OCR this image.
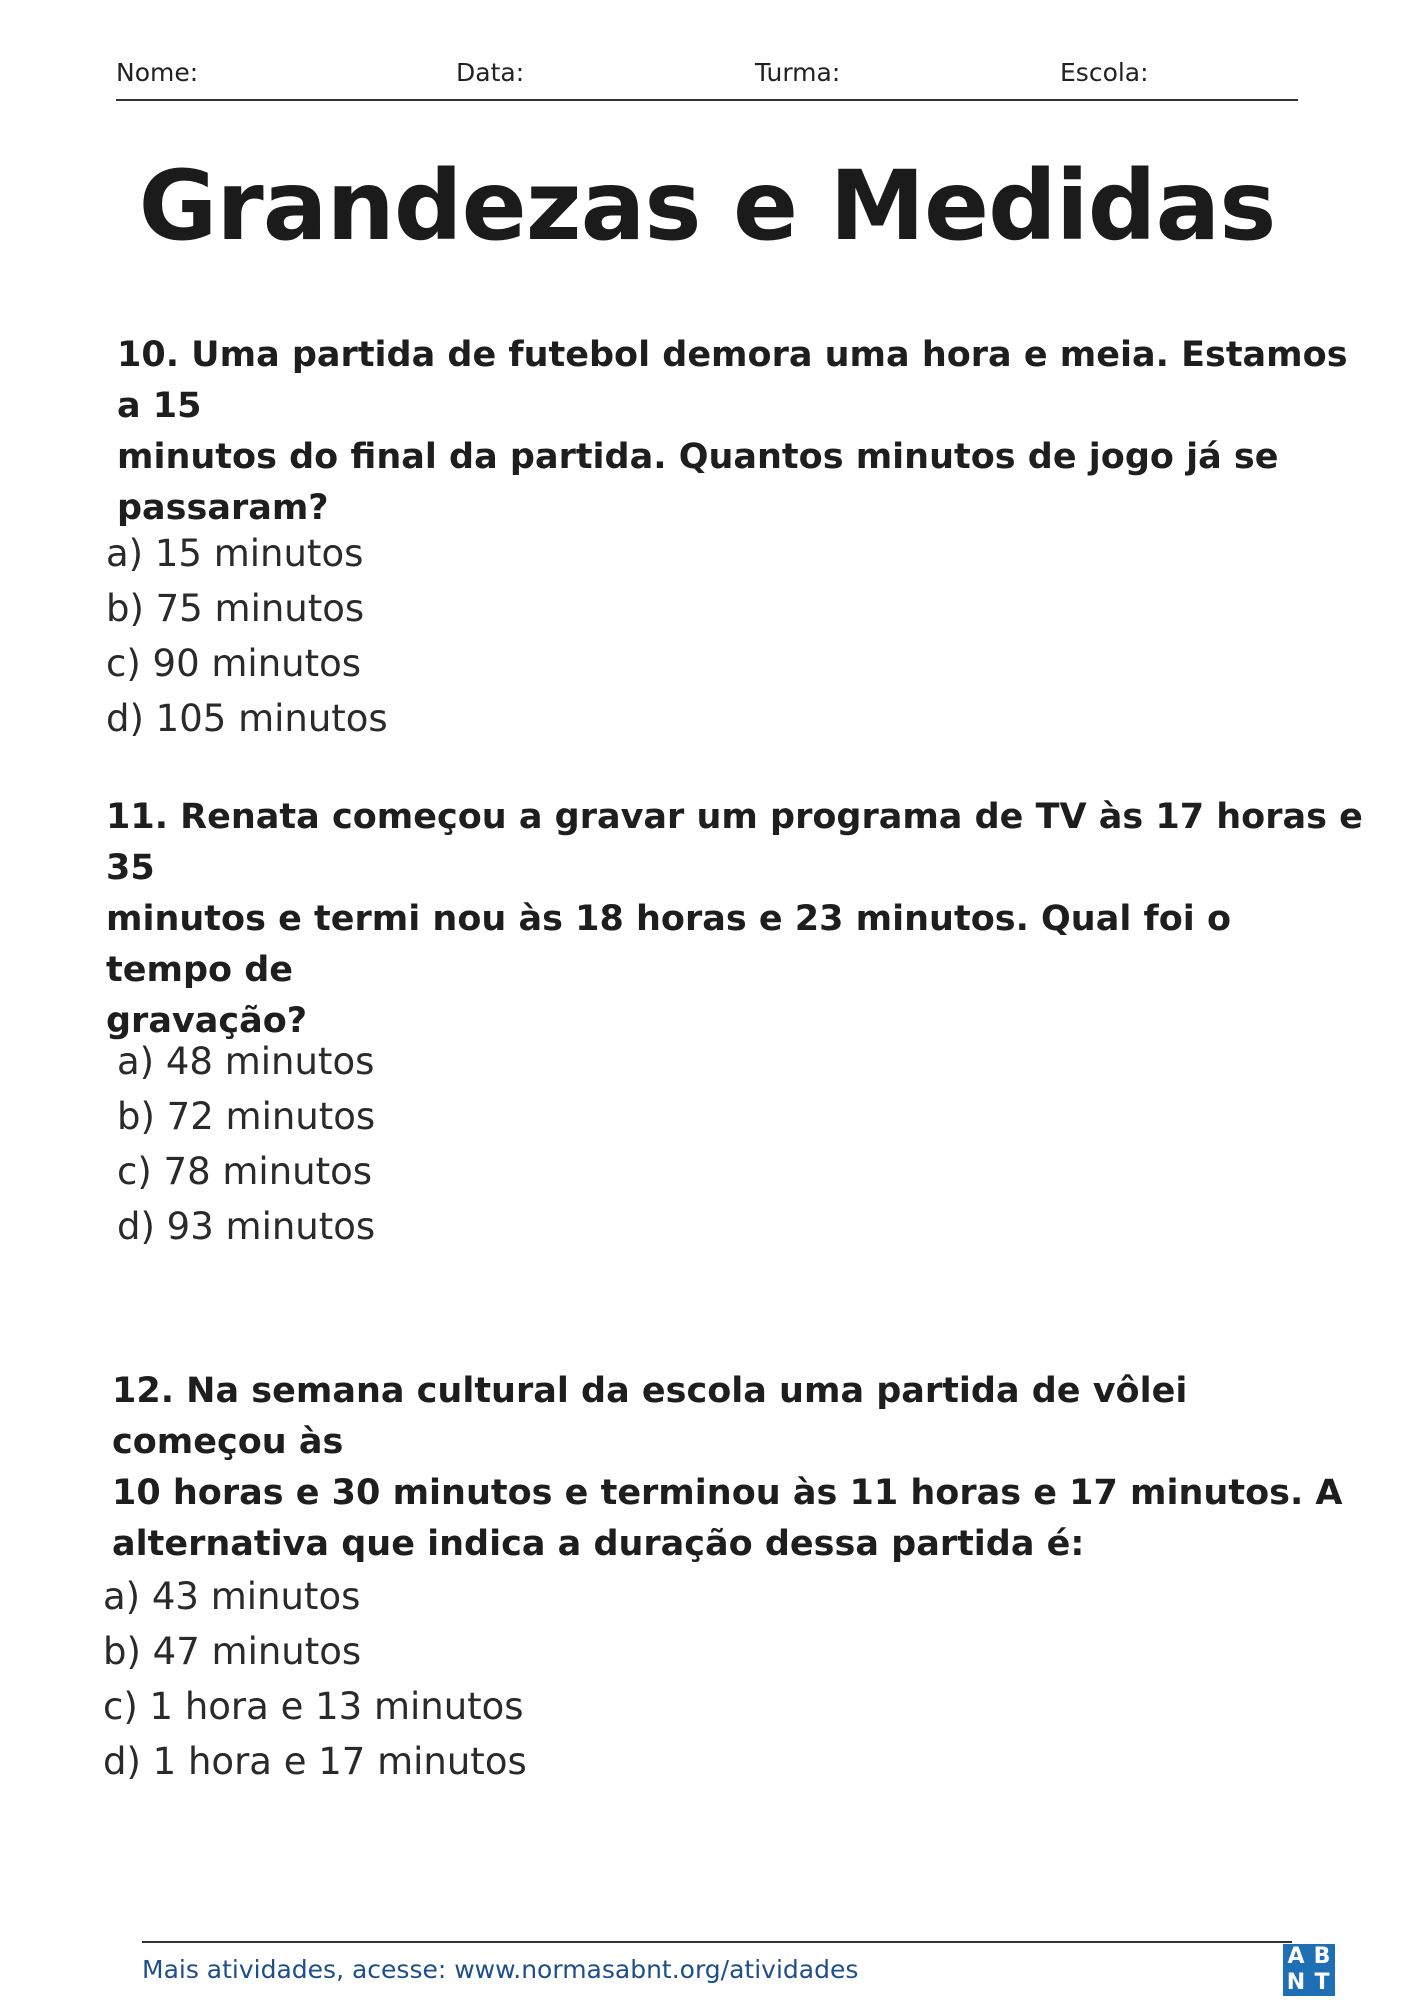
Nome:	Data:	Turma:	Escola:
Grandezas e Medidas
10. Uma partida de futebol demora uma hora e meia. Estamos a 15
minutos do final da partida. Quantos minutos de jogo já se
passaram?
a) 15 minutos
b) 75 minutos
c) 90 minutos
d) 105 minutos
11. Renata começou a gravar um programa de TV às 17 horas e 35
minutos e termi nou às 18 horas e 23 minutos. Qual foi o tempo de
gravação?
a) 48 minutos
b) 72 minutos
c) 78 minutos
d) 93 minutos
12. Na semana cultural da escola uma partida de vôlei começou às
10 horas e 30 minutos e terminou às 11 horas e 17 minutos. A
alternativa que indica a duração dessa partida é:
a) 43 minutos
b) 47 minutos
c) 1 hora e 13 minutos
d) 1 hora e 17 minutos
Mais atividades, acesse: www.normasabnt.org/atividades	A B
N T
